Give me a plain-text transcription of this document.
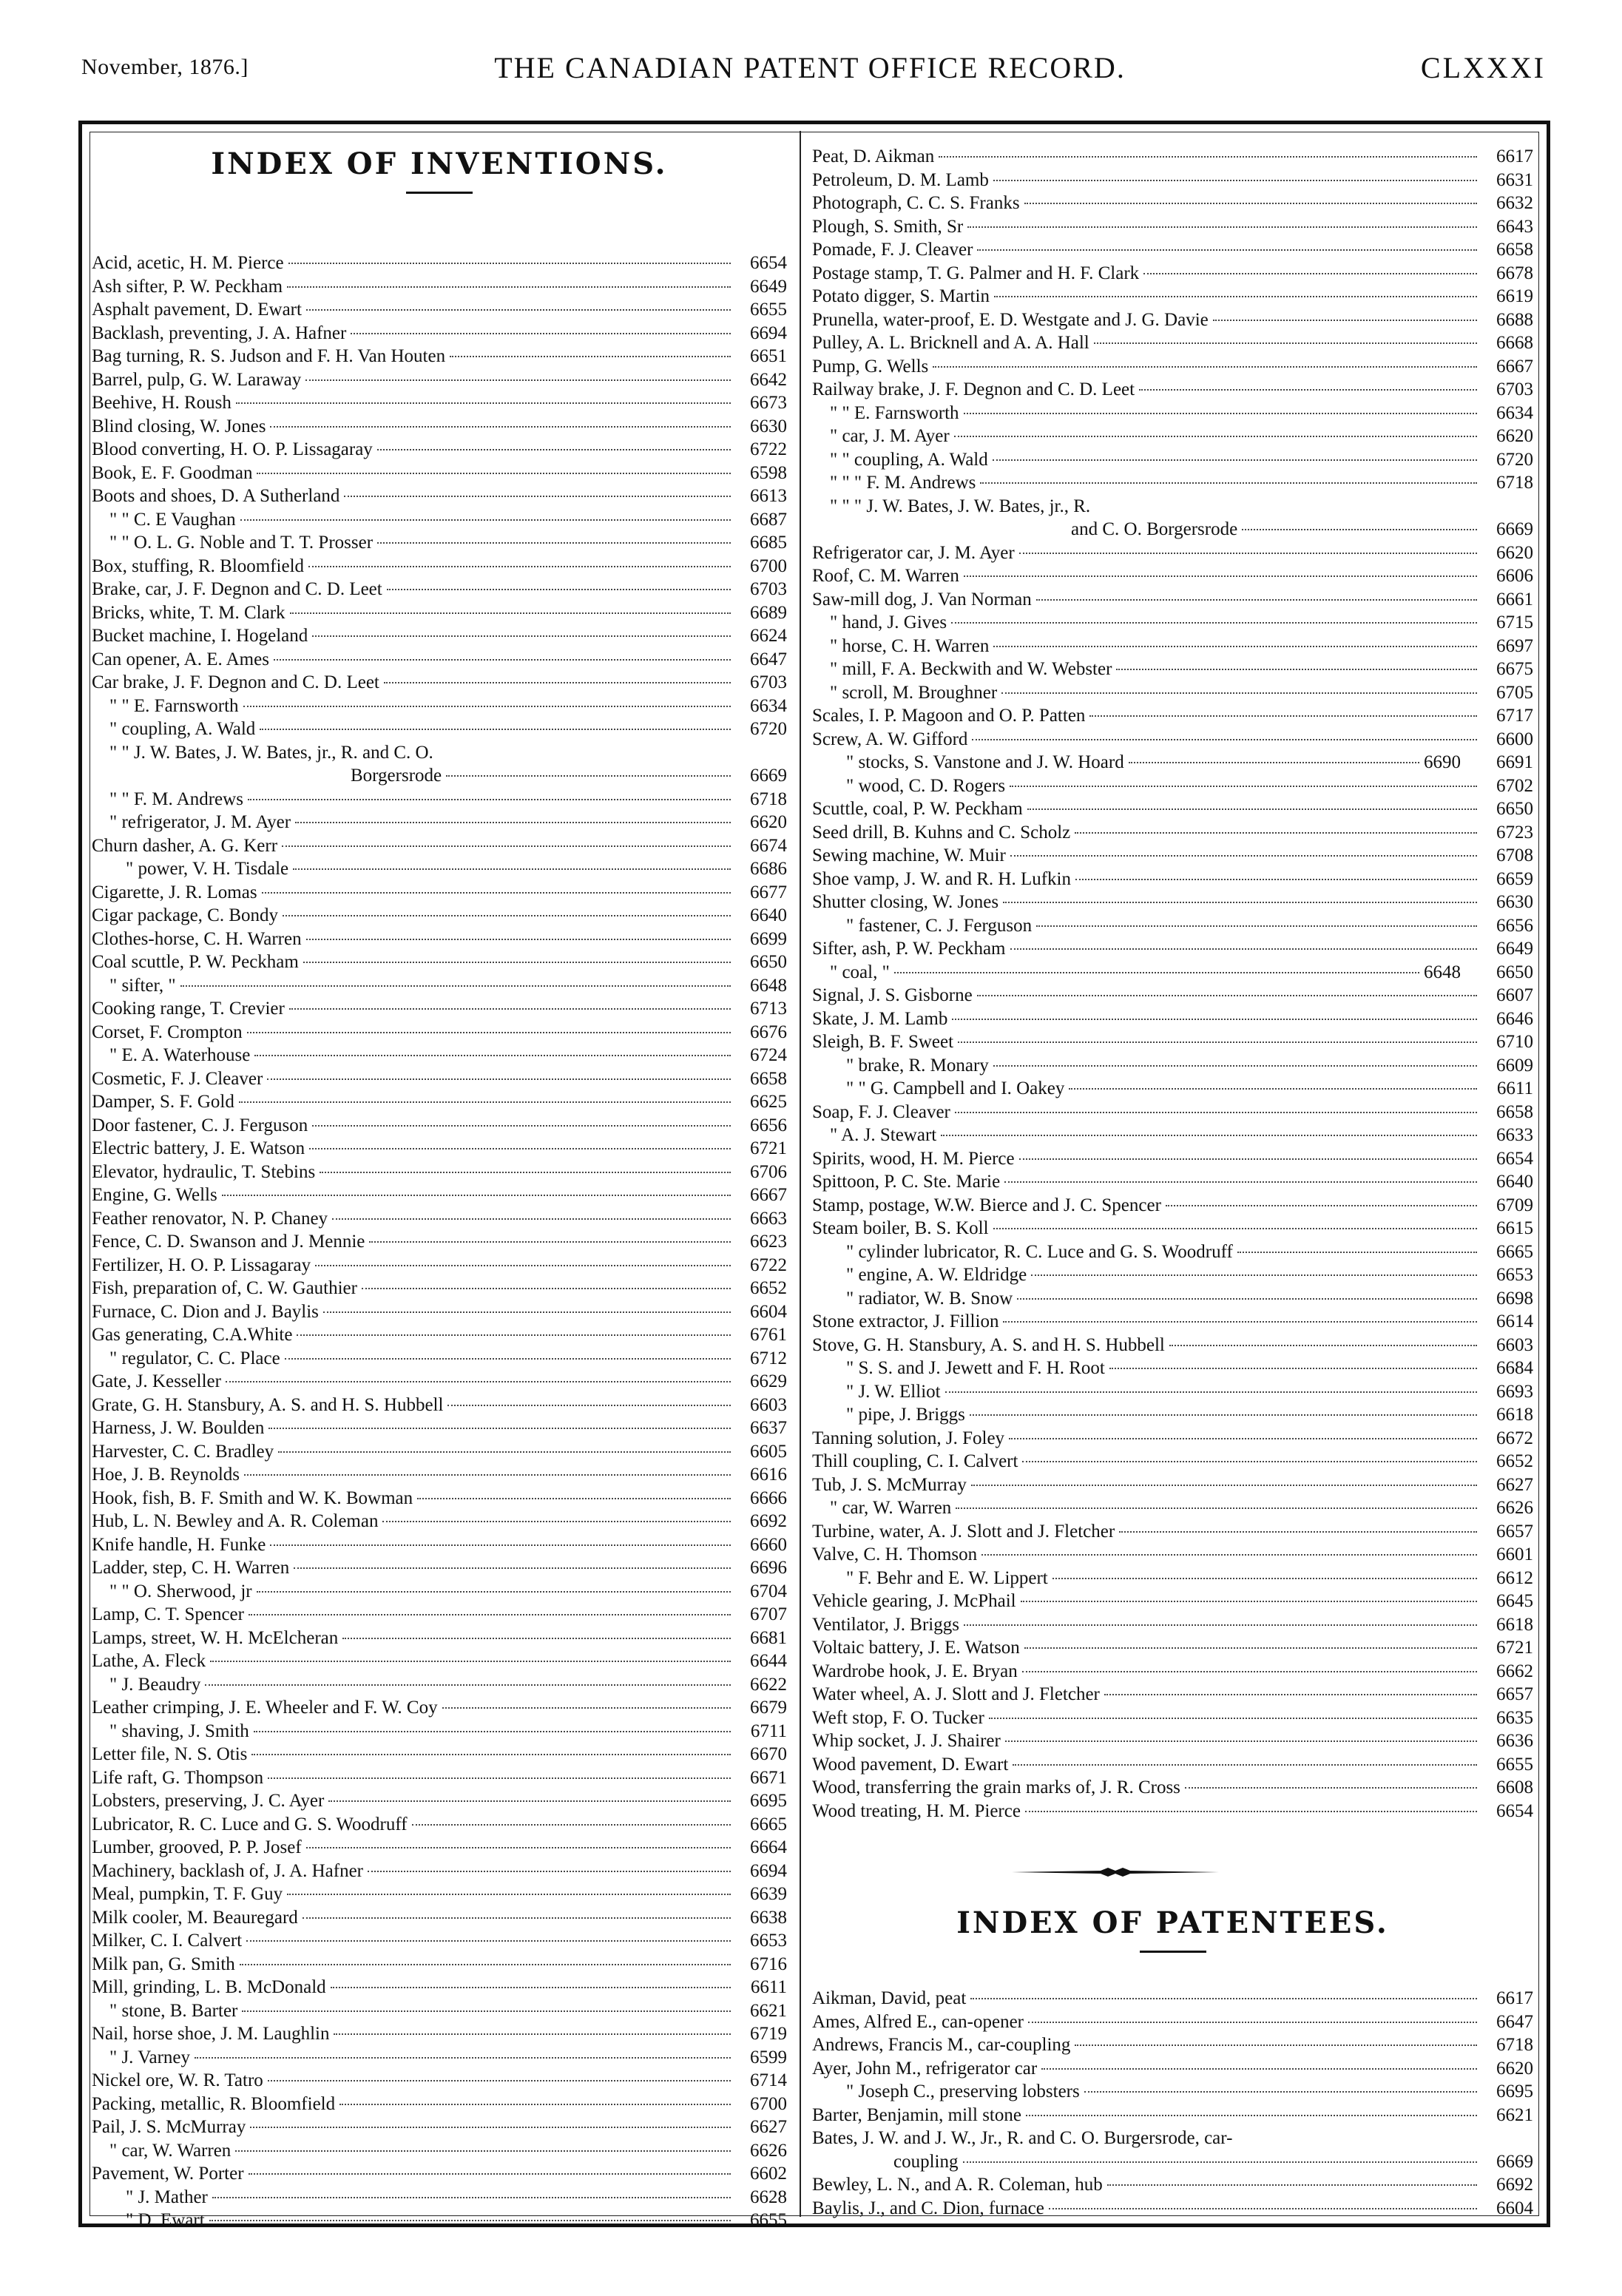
November, 1876.]	THE CANADIAN PATENT OFFICE RECORD.	CLXXXI
INDEX OF INVENTIONS.
Acid, acetic, H. M. Pierce	6654
Ash sifter, P. W. Peckham	6649
Asphalt pavement, D. Ewart	6655
Backlash, preventing, J. A. Hafner	6694
Bag turning, R. S. Judson and F. H. Van Houten	6651
Barrel, pulp, G. W. Laraway	6642
Beehive, H. Roush	6673
Blind closing, W. Jones	6630
Blood converting, H. O. P. Lissagaray	6722
Book, E. F. Goodman	6598
Boots and shoes, D. A Sutherland	6613
" " C. E Vaughan	6687
" " O. L. G. Noble and T. T. Prosser	6685
Box, stuffing, R. Bloomfield	6700
Brake, car, J. F. Degnon and C. D. Leet	6703
Bricks, white, T. M. Clark	6689
Bucket machine, I. Hogeland	6624
Can opener, A. E. Ames	6647
Car brake, J. F. Degnon and C. D. Leet	6703
" " E. Farnsworth	6634
" coupling, A. Wald	6720
" " J. W. Bates, J. W. Bates, jr., R. and C. O.
Borgersrode	6669
" " F. M. Andrews	6718
" refrigerator, J. M. Ayer	6620
Churn dasher, A. G. Kerr	6674
" power, V. H. Tisdale	6686
Cigarette, J. R. Lomas	6677
Cigar package, C. Bondy	6640
Clothes-horse, C. H. Warren	6699
Coal scuttle, P. W. Peckham	6650
" sifter, "	6648
Cooking range, T. Crevier	6713
Corset, F. Crompton	6676
" E. A. Waterhouse	6724
Cosmetic, F. J. Cleaver	6658
Damper, S. F. Gold	6625
Door fastener, C. J. Ferguson	6656
Electric battery, J. E. Watson	6721
Elevator, hydraulic, T. Stebins	6706
Engine, G. Wells	6667
Feather renovator, N. P. Chaney	6663
Fence, C. D. Swanson and J. Mennie	6623
Fertilizer, H. O. P. Lissagaray	6722
Fish, preparation of, C. W. Gauthier	6652
Furnace, C. Dion and J. Baylis	6604
Gas generating, C.A.White	6761
" regulator, C. C. Place	6712
Gate, J. Kesseller	6629
Grate, G. H. Stansbury, A. S. and H. S. Hubbell	6603
Harness, J. W. Boulden	6637
Harvester, C. C. Bradley	6605
Hoe, J. B. Reynolds	6616
Hook, fish, B. F. Smith and W. K. Bowman	6666
Hub, L. N. Bewley and A. R. Coleman	6692
Knife handle, H. Funke	6660
Ladder, step, C. H. Warren	6696
" " O. Sherwood, jr	6704
Lamp, C. T. Spencer	6707
Lamps, street, W. H. McElcheran	6681
Lathe, A. Fleck	6644
" J. Beaudry	6622
Leather crimping, J. E. Wheeler and F. W. Coy	6679
" shaving, J. Smith	6711
Letter file, N. S. Otis	6670
Life raft, G. Thompson	6671
Lobsters, preserving, J. C. Ayer	6695
Lubricator, R. C. Luce and G. S. Woodruff	6665
Lumber, grooved, P. P. Josef	6664
Machinery, backlash of, J. A. Hafner	6694
Meal, pumpkin, T. F. Guy	6639
Milk cooler, M. Beauregard	6638
Milker, C. I. Calvert	6653
Milk pan, G. Smith	6716
Mill, grinding, L. B. McDonald	6611
" stone, B. Barter	6621
Nail, horse shoe, J. M. Laughlin	6719
" J. Varney	6599
Nickel ore, W. R. Tatro	6714
Packing, metallic, R. Bloomfield	6700
Pail, J. S. McMurray	6627
" car, W. Warren	6626
Pavement, W. Porter	6602
" J. Mather	6628
" D. Ewart	6655
Peat, D. Aikman	6617
Petroleum, D. M. Lamb	6631
Photograph, C. C. S. Franks	6632
Plough, S. Smith, Sr	6643
Pomade, F. J. Cleaver	6658
Postage stamp, T. G. Palmer and H. F. Clark	6678
Potato digger, S. Martin	6619
Prunella, water-proof, E. D. Westgate and J. G. Davie	6688
Pulley, A. L. Bricknell and A. A. Hall	6668
Pump, G. Wells	6667
Railway brake, J. F. Degnon and C. D. Leet	6703
" " E. Farnsworth	6634
" car, J. M. Ayer	6620
" " coupling, A. Wald	6720
" " " F. M. Andrews	6718
" " " J. W. Bates, J. W. Bates, jr., R.
and C. O. Borgersrode	6669
Refrigerator car, J. M. Ayer	6620
Roof, C. M. Warren	6606
Saw-mill dog, J. Van Norman	6661
" hand, J. Gives	6715
" horse, C. H. Warren	6697
" mill, F. A. Beckwith and W. Webster	6675
" scroll, M. Broughner	6705
Scales, I. P. Magoon and O. P. Patten	6717
Screw, A. W. Gifford	6600
" stocks, S. Vanstone and J. W. Hoard	6690	6691
" wood, C. D. Rogers	6702
Scuttle, coal, P. W. Peckham	6650
Seed drill, B. Kuhns and C. Scholz	6723
Sewing machine, W. Muir	6708
Shoe vamp, J. W. and R. H. Lufkin	6659
Shutter closing, W. Jones	6630
" fastener, C. J. Ferguson	6656
Sifter, ash, P. W. Peckham	6649
" coal, "	6648	6650
Signal, J. S. Gisborne	6607
Skate, J. M. Lamb	6646
Sleigh, B. F. Sweet	6710
" brake, R. Monary	6609
" " G. Campbell and I. Oakey	6611
Soap, F. J. Cleaver	6658
" A. J. Stewart	6633
Spirits, wood, H. M. Pierce	6654
Spittoon, P. C. Ste. Marie	6640
Stamp, postage, W.W. Bierce and J. C. Spencer	6709
Steam boiler, B. S. Koll	6615
" cylinder lubricator, R. C. Luce and G. S. Woodruff	6665
" engine, A. W. Eldridge	6653
" radiator, W. B. Snow	6698
Stone extractor, J. Fillion	6614
Stove, G. H. Stansbury, A. S. and H. S. Hubbell	6603
" S. S. and J. Jewett and F. H. Root	6684
" J. W. Elliot	6693
" pipe, J. Briggs	6618
Tanning solution, J. Foley	6672
Thill coupling, C. I. Calvert	6652
Tub, J. S. McMurray	6627
" car, W. Warren	6626
Turbine, water, A. J. Slott and J. Fletcher	6657
Valve, C. H. Thomson	6601
" F. Behr and E. W. Lippert	6612
Vehicle gearing, J. McPhail	6645
Ventilator, J. Briggs	6618
Voltaic battery, J. E. Watson	6721
Wardrobe hook, J. E. Bryan	6662
Water wheel, A. J. Slott and J. Fletcher	6657
Weft stop, F. O. Tucker	6635
Whip socket, J. J. Shairer	6636
Wood pavement, D. Ewart	6655
Wood, transferring the grain marks of, J. R. Cross	6608
Wood treating, H. M. Pierce	6654
INDEX OF PATENTEES.
Aikman, David, peat	6617
Ames, Alfred E., can-opener	6647
Andrews, Francis M., car-coupling	6718
Ayer, John M., refrigerator car	6620
" Joseph C., preserving lobsters	6695
Barter, Benjamin, mill stone	6621
Bates, J. W. and J. W., Jr., R. and C. O. Burgersrode, car-
coupling	6669
Bewley, L. N., and A. R. Coleman, hub	6692
Baylis, J., and C. Dion, furnace	6604
